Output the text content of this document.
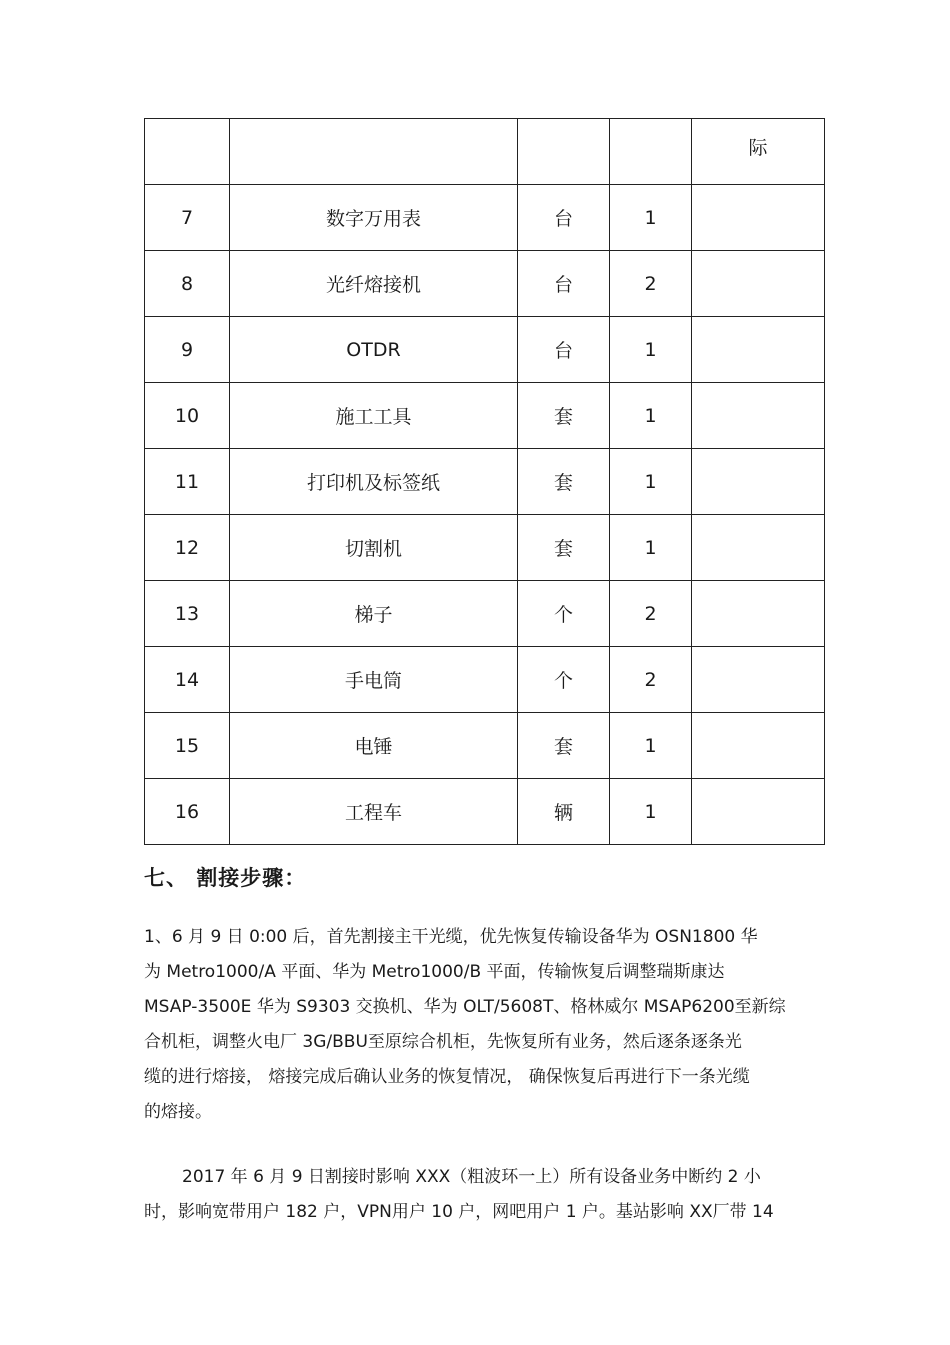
				际
7	数字万用表	台	1	
8	光纤熔接机	台	2	
9	OTDR	台	1	
10	施工工具	套	1	
11	打印机及标签纸	套	1	
12	切割机	套	1	
13	梯子	个	2	
14	手电筒	个	2	
15	电锤	套	1	
16	工程车	辆	1	
七、 割接步骤：
1、6 月 9 日 0:00 后，首先割接主干光缆，优先恢复传输设备华为 OSN1800 华
为 Metro1000/A 平面、华为 Metro1000/B 平面，传输恢复后调整瑞斯康达
MSAP-3500E 华为 S9303 交换机、华为 OLT/5608T、格林威尔 MSAP6200至新综
合机柜，调整火电厂 3G/BBU至原综合机柜，先恢复所有业务，然后逐条逐条光
缆的进行熔接， 熔接完成后确认业务的恢复情况， 确保恢复后再进行下一条光缆
的熔接。
2017 年 6 月 9 日割接时影响 XXX（粗波环一上）所有设备业务中断约 2 小
时，影响宽带用户 182 户，VPN用户 10 户，网吧用户 1 户。基站影响 XX厂带 14
